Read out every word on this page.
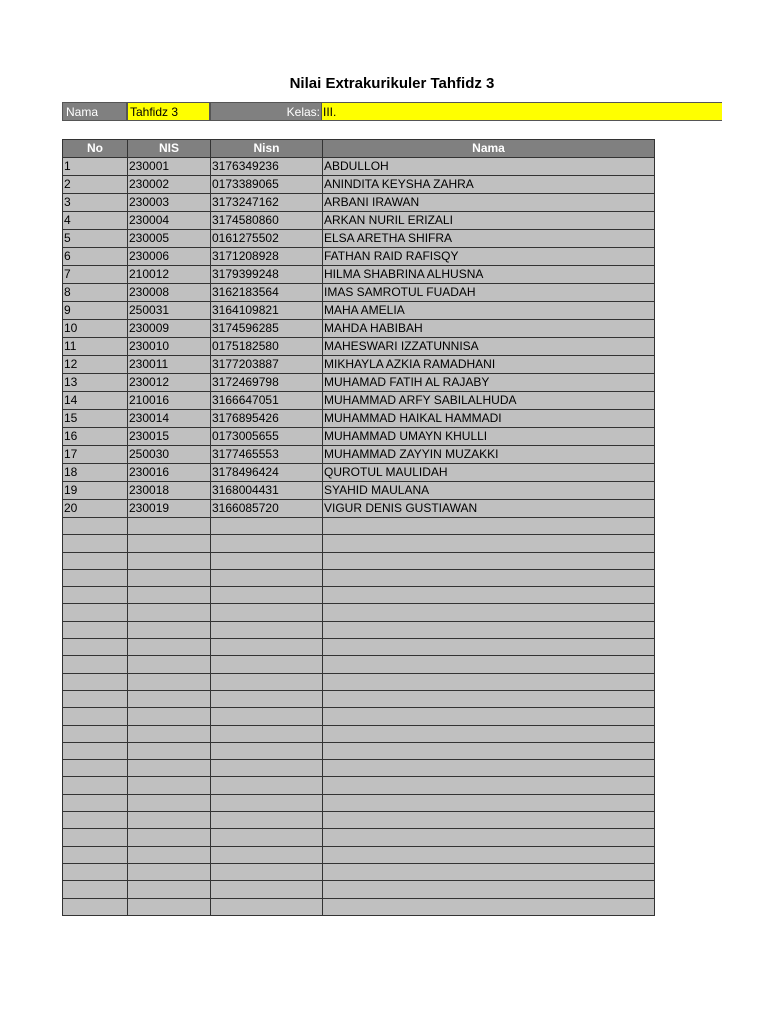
Nilai Extrakurikuler Tahfidz 3
Nama	Tahfidz 3	Kelas: III.
No	NIS	Nisn	Nama
1	230001	3176349236	ABDULLOH
2	230002	0173389065	ANINDITA KEYSHA ZAHRA
3	230003	3173247162	ARBANI IRAWAN
4	230004	3174580860	ARKAN NURIL ERIZALI
5	230005	0161275502	ELSA ARETHA SHIFRA
6	230006	3171208928	FATHAN RAID RAFISQY
7	210012	3179399248	HILMA SHABRINA ALHUSNA
8	230008	3162183564	IMAS SAMROTUL FUADAH
9	250031	3164109821	MAHA AMELIA
10	230009	3174596285	MAHDA HABIBAH
11	230010	0175182580	MAHESWARI IZZATUNNISA
12	230011	3177203887	MIKHAYLA AZKIA RAMADHANI
13	230012	3172469798	MUHAMAD FATIH AL RAJABY
14	210016	3166647051	MUHAMMAD ARFY SABILALHUDA
15	230014	3176895426	MUHAMMAD HAIKAL HAMMADI
16	230015	0173005655	MUHAMMAD UMAYN KHULLI
17	250030	3177465553	MUHAMMAD ZAYYIN MUZAKKI
18	230016	3178496424	QUROTUL MAULIDAH
19	230018	3168004431	SYAHID MAULANA
20	230019	3166085720	VIGUR DENIS GUSTIAWAN
